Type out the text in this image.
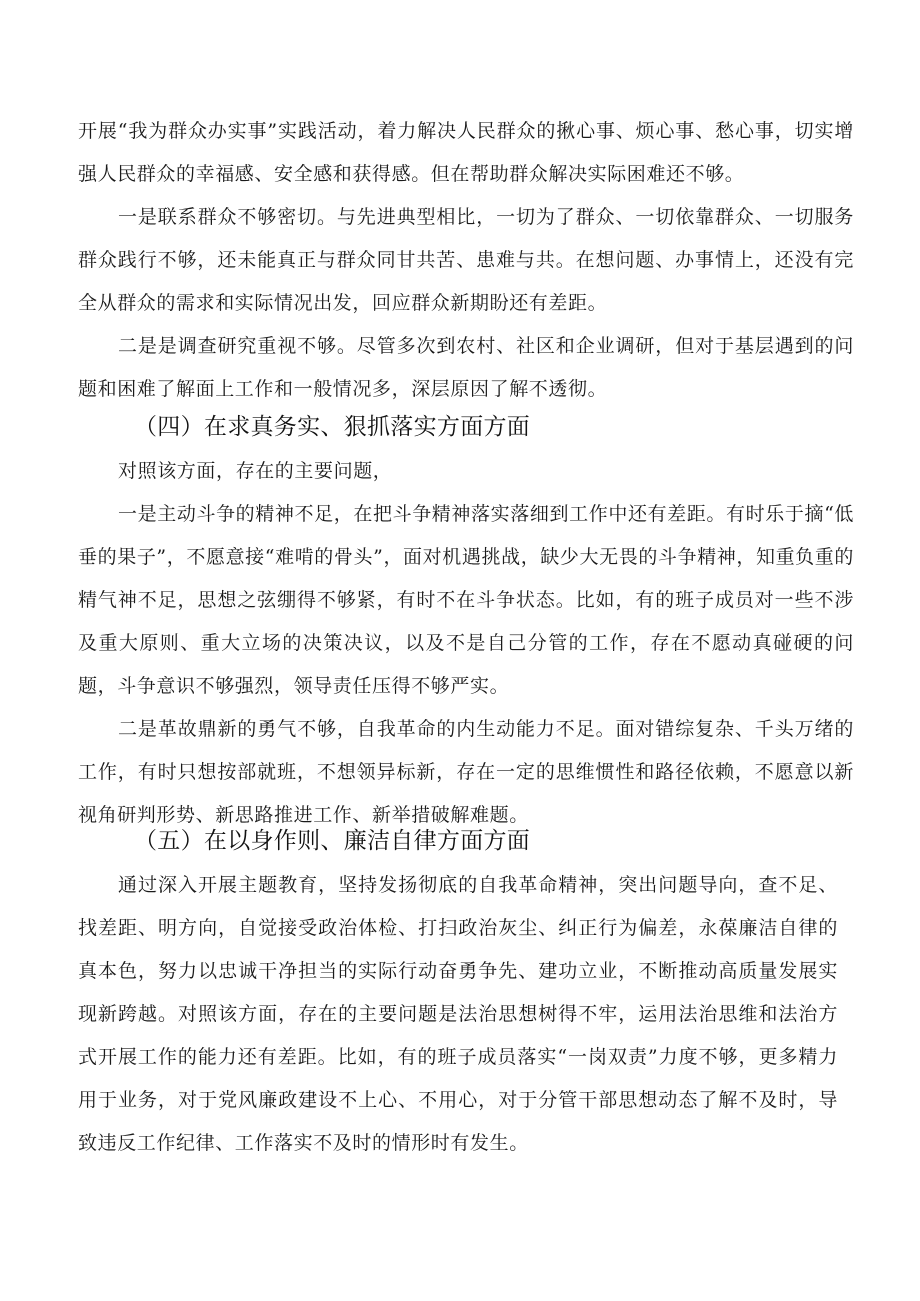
开展“我为群众办实事”实践活动，着力解决人民群众的揪心事、烦心事、愁心事，切实增强人民群众的幸福感、安全感和获得感。但在帮助群众解决实际困难还不够。

一是联系群众不够密切。与先进典型相比，一切为了群众、一切依靠群众、一切服务群众践行不够，还未能真正与群众同甘共苦、患难与共。在想问题、办事情上，还没有完全从群众的需求和实际情况出发，回应群众新期盼还有差距。

二是是调查研究重视不够。尽管多次到农村、社区和企业调研，但对于基层遇到的问题和困难了解面上工作和一般情况多，深层原因了解不透彻。

（四）在求真务实、狠抓落实方面方面

对照该方面，存在的主要问题，

一是主动斗争的精神不足，在把斗争精神落实落细到工作中还有差距。有时乐于摘“低垂的果子”，不愿意接“难啃的骨头”，面对机遇挑战，缺少大无畏的斗争精神，知重负重的精气神不足，思想之弦绷得不够紧，有时不在斗争状态。比如，有的班子成员对一些不涉及重大原则、重大立场的决策决议，以及不是自己分管的工作，存在不愿动真碰硬的问题，斗争意识不够强烈，领导责任压得不够严实。

二是革故鼎新的勇气不够，自我革命的内生动能力不足。面对错综复杂、千头万绪的工作，有时只想按部就班，不想领异标新，存在一定的思维惯性和路径依赖，不愿意以新视角研判形势、新思路推进工作、新举措破解难题。

（五）在以身作则、廉洁自律方面方面

通过深入开展主题教育，坚持发扬彻底的自我革命精神，突出问题导向，查不足、找差距、明方向，自觉接受政治体检、打扫政治灰尘、纠正行为偏差，永葆廉洁自律的真本色，努力以忠诚干净担当的实际行动奋勇争先、建功立业，不断推动高质量发展实现新跨越。对照该方面，存在的主要问题是法治思想树得不牢，运用法治思维和法治方式开展工作的能力还有差距。比如，有的班子成员落实“一岗双责”力度不够，更多精力用于业务，对于党风廉政建设不上心、不用心，对于分管干部思想动态了解不及时，导致违反工作纪律、工作落实不及时的情形时有发生。
